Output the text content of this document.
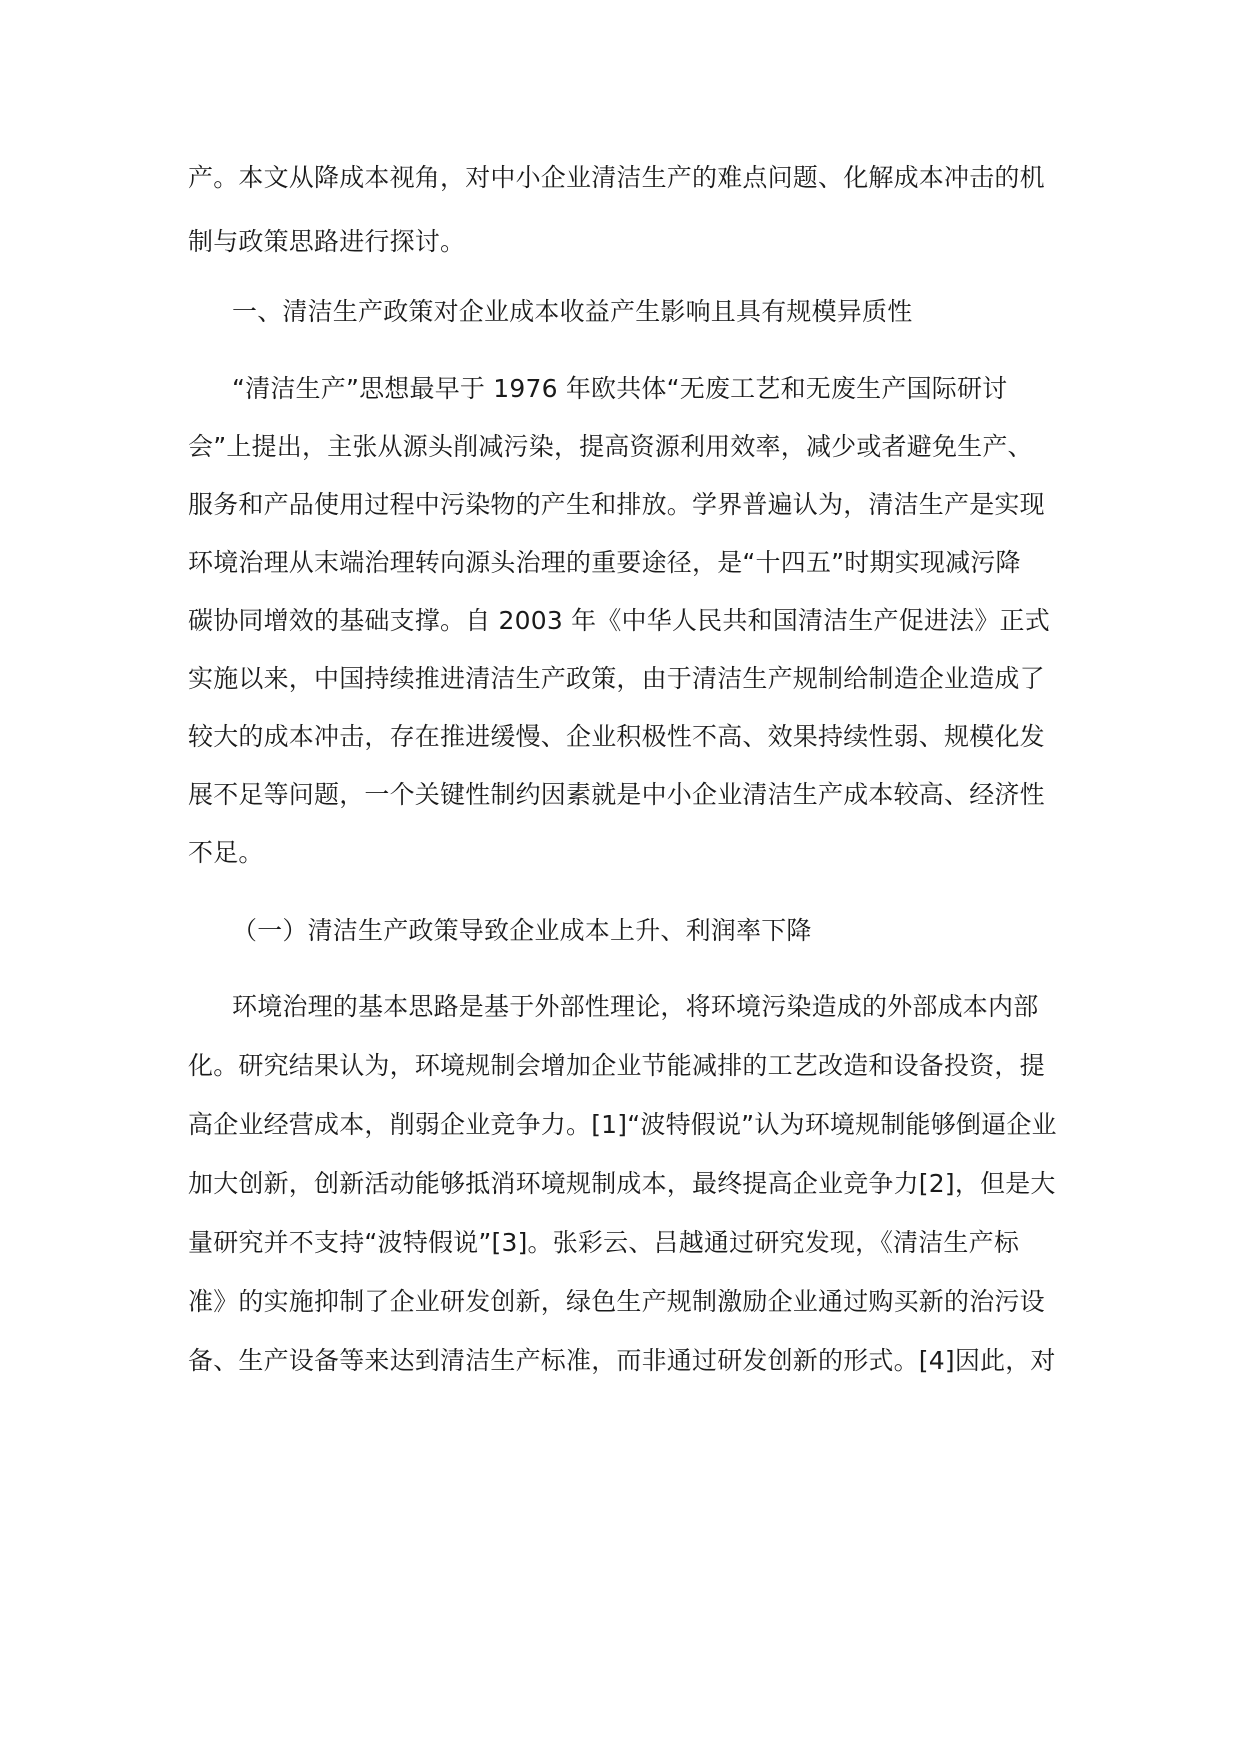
产。本文从降成本视角，对中小企业清洁生产的难点问题、化解成本冲击的机
制与政策思路进行探讨。
一、清洁生产政策对企业成本收益产生影响且具有规模异质性
“清洁生产”思想最早于 1976 年欧共体“无废工艺和无废生产国际研讨
会”上提出，主张从源头削减污染，提高资源利用效率，减少或者避免生产、
服务和产品使用过程中污染物的产生和排放。学界普遍认为，清洁生产是实现
环境治理从末端治理转向源头治理的重要途径，是“十四五”时期实现减污降
碳协同增效的基础支撑。自 2003 年《中华人民共和国清洁生产促进法》正式
实施以来，中国持续推进清洁生产政策，由于清洁生产规制给制造企业造成了
较大的成本冲击，存在推进缓慢、企业积极性不高、效果持续性弱、规模化发
展不足等问题，一个关键性制约因素就是中小企业清洁生产成本较高、经济性
不足。
（一）清洁生产政策导致企业成本上升、利润率下降
环境治理的基本思路是基于外部性理论，将环境污染造成的外部成本内部
化。研究结果认为，环境规制会增加企业节能减排的工艺改造和设备投资，提
高企业经营成本，削弱企业竞争力。[1]“波特假说”认为环境规制能够倒逼企业
加大创新，创新活动能够抵消环境规制成本，最终提高企业竞争力[2]，但是大
量研究并不支持“波特假说”[3]。张彩云、吕越通过研究发现，《清洁生产标
准》的实施抑制了企业研发创新，绿色生产规制激励企业通过购买新的治污设
备、生产设备等来达到清洁生产标准，而非通过研发创新的形式。[4]因此，对
